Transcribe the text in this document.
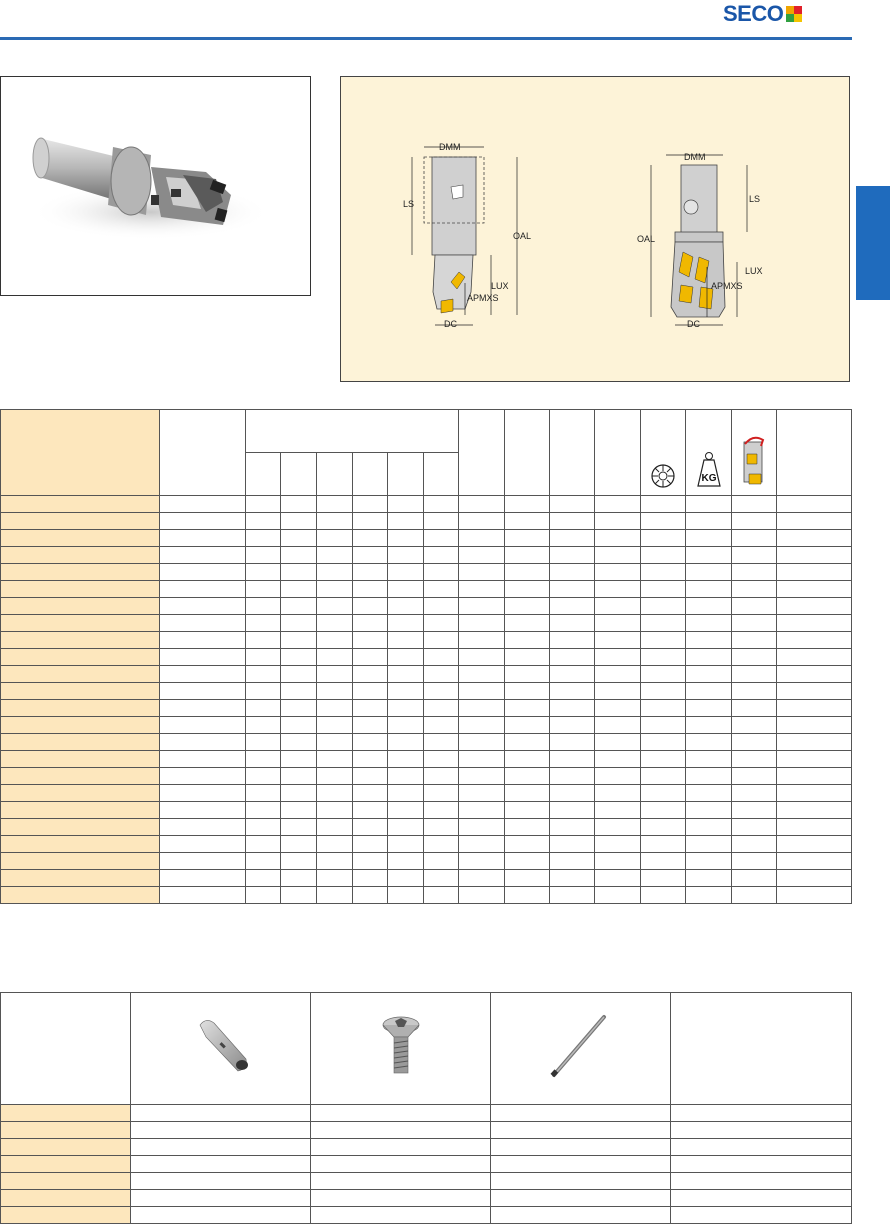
SECO
DMM
LS
OAL
LUX
APMXS
DC
DMM
LS
OAL
LUX
APMXS
DC

KG
